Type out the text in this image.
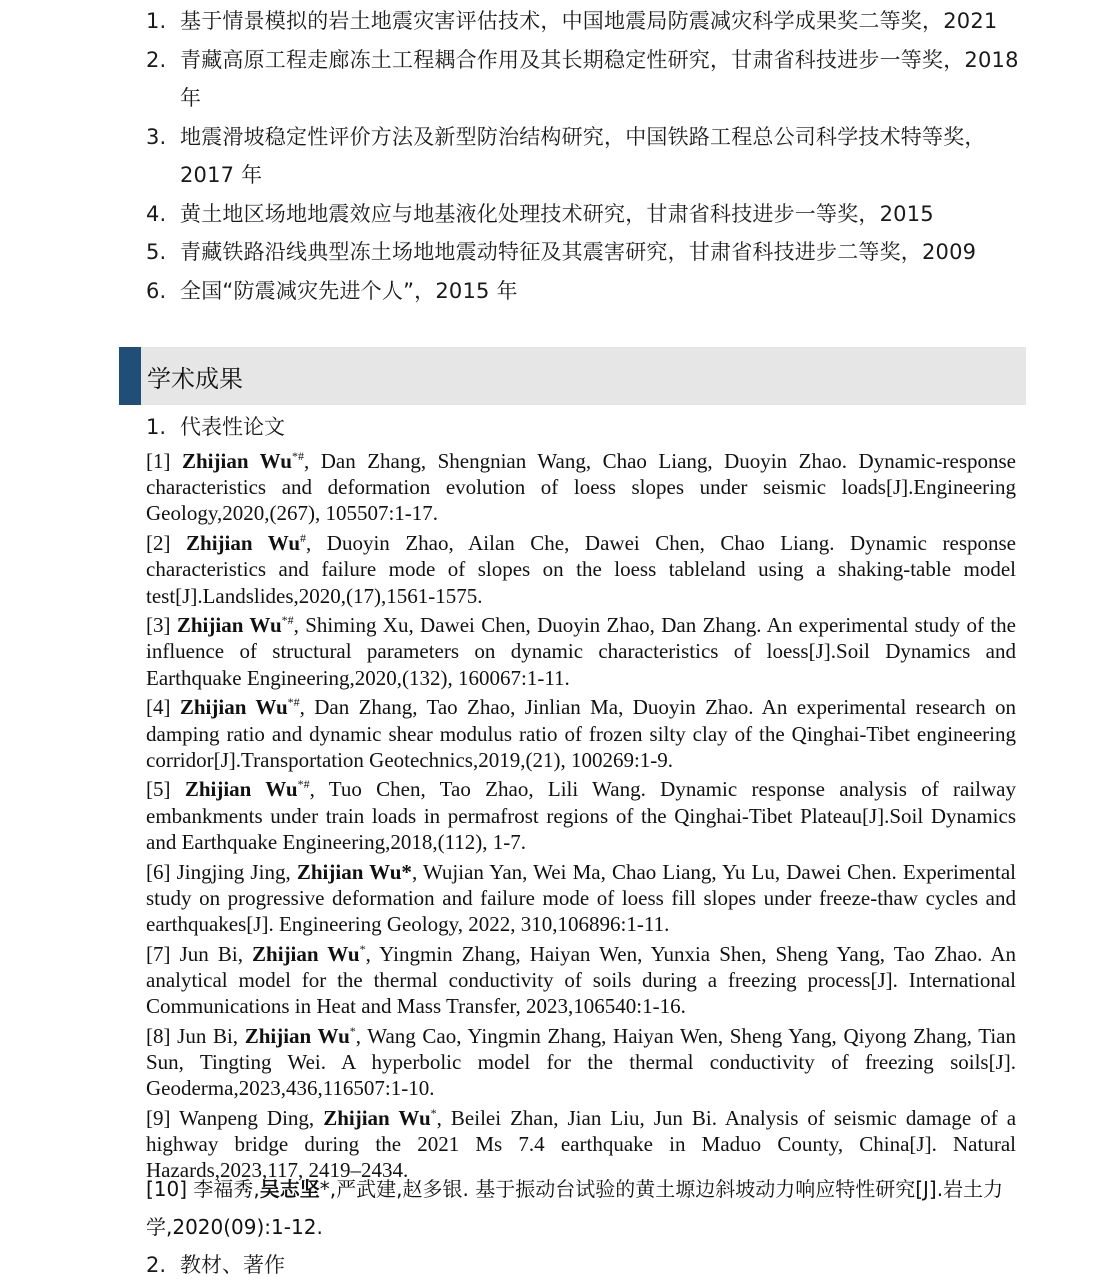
1. 基于情景模拟的岩土地震灾害评估技术，中国地震局防震减灾科学成果奖二等奖，2021
2. 青藏高原工程走廊冻土工程耦合作用及其长期稳定性研究，甘肃省科技进步一等奖，2018 年
3. 地震滑坡稳定性评价方法及新型防治结构研究，中国铁路工程总公司科学技术特等奖，2017 年
4. 黄土地区场地地震效应与地基液化处理技术研究，甘肃省科技进步一等奖，2015
5. 青藏铁路沿线典型冻土场地地震动特征及其震害研究，甘肃省科技进步二等奖，2009
6. 全国“防震减灾先进个人”，2015 年
学术成果
1. 代表性论文
[1] Zhijian Wu*#, Dan Zhang, Shengnian Wang, Chao Liang, Duoyin Zhao. Dynamic-response characteristics and deformation evolution of loess slopes under seismic loads[J].Engineering Geology,2020,(267), 105507:1-17.
[2] Zhijian Wu#, Duoyin Zhao, Ailan Che, Dawei Chen, Chao Liang. Dynamic response characteristics and failure mode of slopes on the loess tableland using a shaking-table model test[J].Landslides,2020,(17),1561-1575.
[3] Zhijian Wu*#, Shiming Xu, Dawei Chen, Duoyin Zhao, Dan Zhang. An experimental study of the influence of structural parameters on dynamic characteristics of loess[J].Soil Dynamics and Earthquake Engineering,2020,(132), 160067:1-11.
[4] Zhijian Wu*#, Dan Zhang, Tao Zhao, Jinlian Ma, Duoyin Zhao. An experimental research on damping ratio and dynamic shear modulus ratio of frozen silty clay of the Qinghai-Tibet engineering corridor[J].Transportation Geotechnics,2019,(21), 100269:1-9.
[5] Zhijian Wu*#, Tuo Chen, Tao Zhao, Lili Wang. Dynamic response analysis of railway embankments under train loads in permafrost regions of the Qinghai-Tibet Plateau[J].Soil Dynamics and Earthquake Engineering,2018,(112), 1-7.
[6] Jingjing Jing, Zhijian Wu*, Wujian Yan, Wei Ma, Chao Liang, Yu Lu, Dawei Chen. Experimental study on progressive deformation and failure mode of loess fill slopes under freeze-thaw cycles and earthquakes[J]. Engineering Geology, 2022, 310,106896:1-11.
[7] Jun Bi, Zhijian Wu*, Yingmin Zhang, Haiyan Wen, Yunxia Shen, Sheng Yang, Tao Zhao. An analytical model for the thermal conductivity of soils during a freezing process[J]. International Communications in Heat and Mass Transfer, 2023,106540:1-16.
[8] Jun Bi, Zhijian Wu*, Wang Cao, Yingmin Zhang, Haiyan Wen, Sheng Yang, Qiyong Zhang, Tian Sun, Tingting Wei. A hyperbolic model for the thermal conductivity of freezing soils[J]. Geoderma,2023,436,116507:1-10.
[9] Wanpeng Ding, Zhijian Wu*, Beilei Zhan, Jian Liu, Jun Bi. Analysis of seismic damage of a highway bridge during the 2021 Ms 7.4 earthquake in Maduo County, China[J]. Natural Hazards,2023,117, 2419–2434.
[10] 李福秀,吴志坚*,严武建,赵多银. 基于振动台试验的黄土塬边斜坡动力响应特性研究[J].岩土力学,2020(09):1-12.
2. 教材、著作
